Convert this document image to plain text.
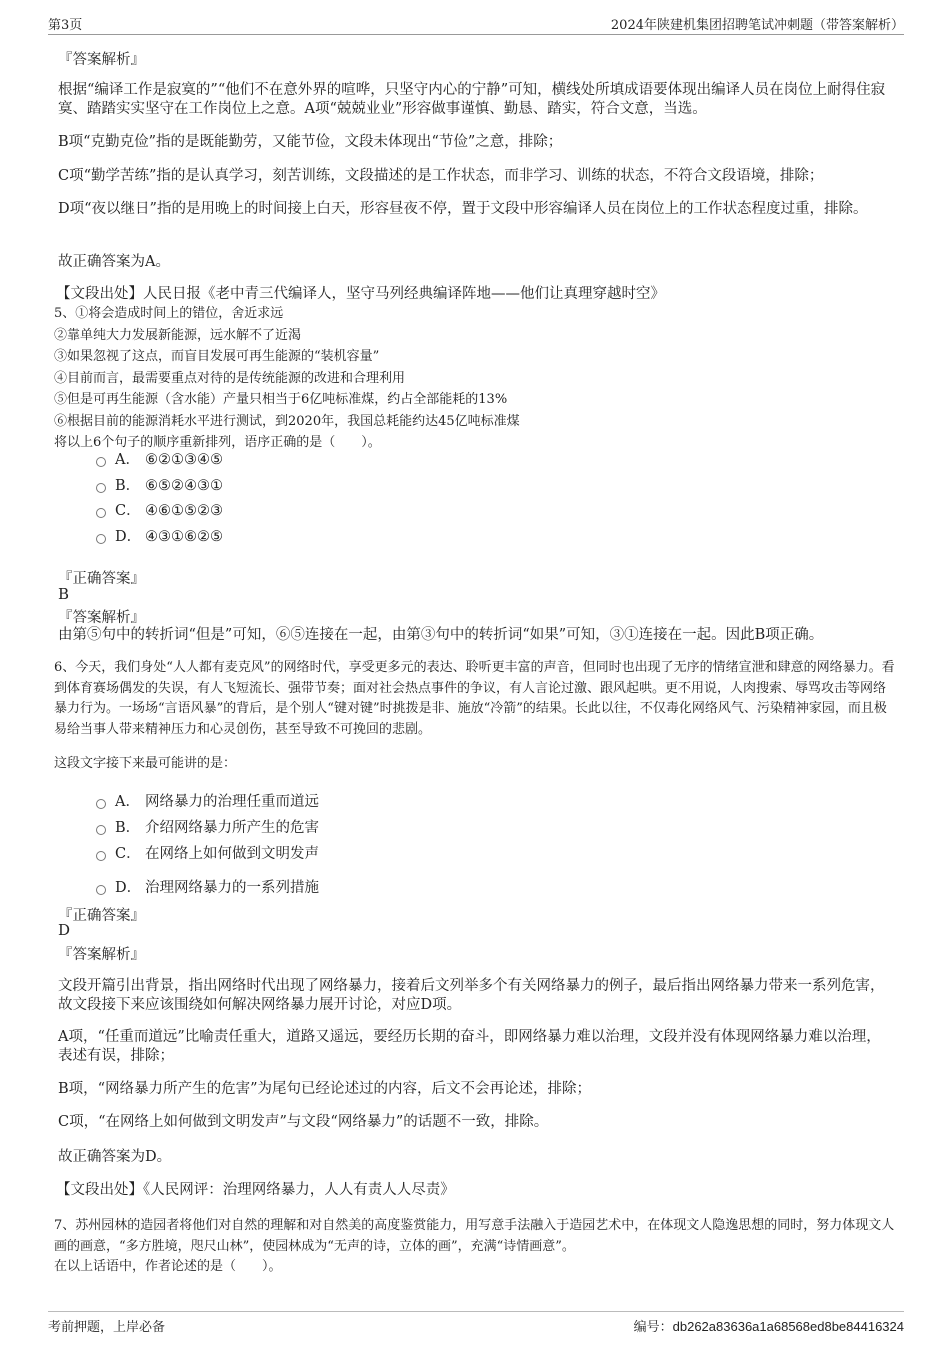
第3页	2024年陕建机集团招聘笔试冲刺题（带答案解析）
『答案解析』
根据“编译工作是寂寞的”“他们不在意外界的喧哗，只坚守内心的宁静”可知，横线处所填成语要体现出编译人员在岗位上耐得住寂寞、踏踏实实坚守在工作岗位上之意。A项“兢兢业业”形容做事谨慎、勤恳、踏实，符合文意，当选。
B项“克勤克俭”指的是既能勤劳，又能节俭，文段未体现出“节俭”之意，排除；
C项“勤学苦练”指的是认真学习，刻苦训练，文段描述的是工作状态，而非学习、训练的状态，不符合文段语境，排除；
D项“夜以继日”指的是用晚上的时间接上白天，形容昼夜不停，置于文段中形容编译人员在岗位上的工作状态程度过重，排除。
故正确答案为A。
【文段出处】人民日报《老中青三代编译人，坚守马列经典编译阵地——他们让真理穿越时空》
5、①将会造成时间上的错位，舍近求远
②靠单纯大力发展新能源，远水解不了近渴
③如果忽视了这点，而盲目发展可再生能源的“装机容量”
④目前而言，最需要重点对待的是传统能源的改进和合理利用
⑤但是可再生能源（含水能）产量只相当于6亿吨标准煤，约占全部能耗的13%
⑥根据目前的能源消耗水平进行测试，到2020年，我国总耗能约达45亿吨标准煤
将以上6个句子的顺序重新排列，语序正确的是（　　）。
A． ⑥②①③④⑤
B． ⑥⑤②④③①
C． ④⑥①⑤②③
D． ④③①⑥②⑤
『正确答案』
B
『答案解析』
由第⑤句中的转折词“但是”可知，⑥⑤连接在一起，由第③句中的转折词“如果”可知，③①连接在一起。因此B项正确。
6、今天，我们身处“人人都有麦克风”的网络时代，享受更多元的表达、聆听更丰富的声音，但同时也出现了无序的情绪宣泄和肆意的网络暴力。看到体育赛场偶发的失误，有人飞短流长、强带节奏；面对社会热点事件的争议，有人言论过激、跟风起哄。更不用说，人肉搜索、辱骂攻击等网络暴力行为。一场场“言语风暴”的背后，是个别人“键对键”时挑拨是非、施放“冷箭”的结果。长此以往，不仅毒化网络风气、污染精神家园，而且极易给当事人带来精神压力和心灵创伤，甚至导致不可挽回的悲剧。
这段文字接下来最可能讲的是：
A． 网络暴力的治理任重而道远
B． 介绍网络暴力所产生的危害
C． 在网络上如何做到文明发声
D． 治理网络暴力的一系列措施
『正确答案』
D
『答案解析』
文段开篇引出背景，指出网络时代出现了网络暴力，接着后文列举多个有关网络暴力的例子，最后指出网络暴力带来一系列危害，故文段接下来应该围绕如何解决网络暴力展开讨论，对应D项。
A项，“任重而道远”比喻责任重大，道路又遥远，要经历长期的奋斗，即网络暴力难以治理，文段并没有体现网络暴力难以治理，表述有误，排除；
B项，“网络暴力所产生的危害”为尾句已经论述过的内容，后文不会再论述，排除；
C项，“在网络上如何做到文明发声”与文段“网络暴力”的话题不一致，排除。
故正确答案为D。
【文段出处】《人民网评：治理网络暴力，人人有责人人尽责》
7、苏州园林的造园者将他们对自然的理解和对自然美的高度鉴赏能力，用写意手法融入于造园艺术中，在体现文人隐逸思想的同时，努力体现文人画的画意，“多方胜境，咫尺山林”，使园林成为“无声的诗，立体的画”，充满“诗情画意”。
在以上话语中，作者论述的是（　　）。
考前押题，上岸必备	编号：db262a83636a1a68568ed8be84416324
